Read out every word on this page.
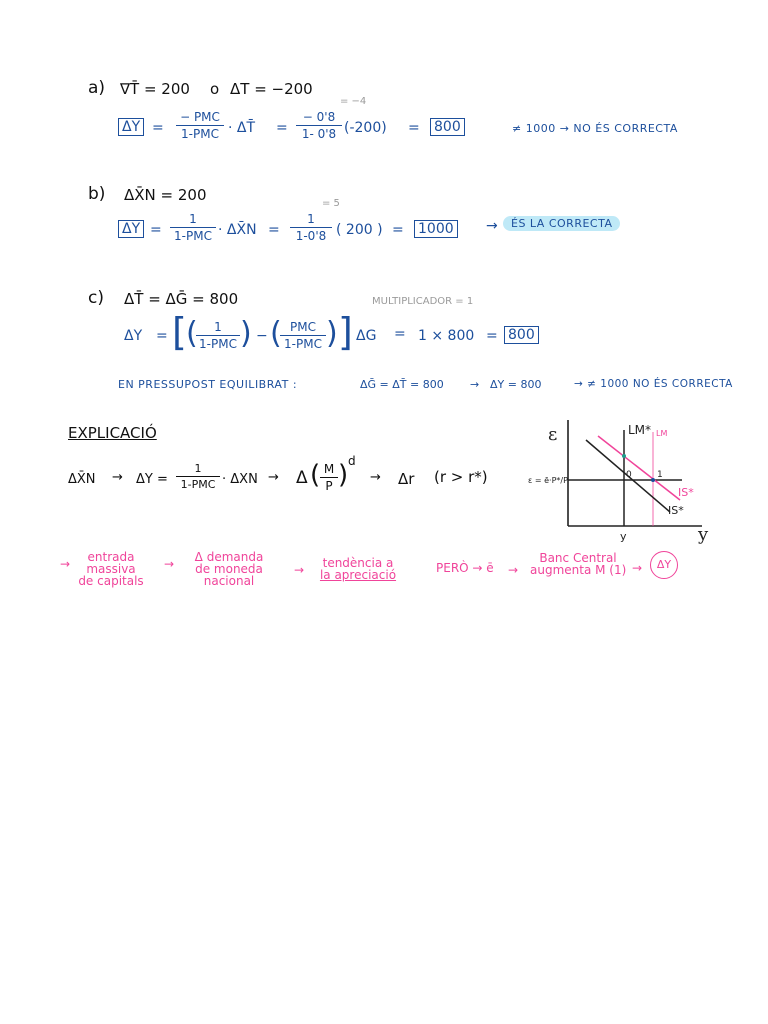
a) ∇T̄ = 200 o ΔT = −200
ΔY =
− PMC
1-PMC · ΔT̄ = $\frac{- 0'8}{1- 0'8}$
= −4
(-200) = 800	≠ 1000 → NO ÉS CORRECTA
b) ΔX̄N = 200
ΔY =
1
1-PMC · ΔX̄N = $\frac{1}{1-0'8}$
= 5
( 200 ) = 1000 →	ÉS LA CORRECTA
c) ΔT̄ = ΔḠ = 800	MULTIPLICADOR = 1
ΔY = [ (	1
1-PMC ) − ( PMC
1-PMC ) ] ΔG = 1 × 800 = 800
EN PRESSUPOST EQUILIBRAT :	ΔḠ = ΔT̄ = 800 → ΔY = 800	→ ≠ 1000 NO ÉS CORRECTA
EXPLICACIÓ
ΔX̄N → ΔY =
1
1-PMC · ΔXN → Δ ( $\frac{M}{P}$ ) d
→ Δr (r > r*)
→	entrada
massiva
de capitals
→	Δ demanda
de moneda
nacional
→	tendència a
la apreciació	PERÒ → ē →
Banc Central
augmenta M (1) →	ΔY
ε
y
ε = ē·P*/P
LM* LM
IS*
IS*
0	1
y
